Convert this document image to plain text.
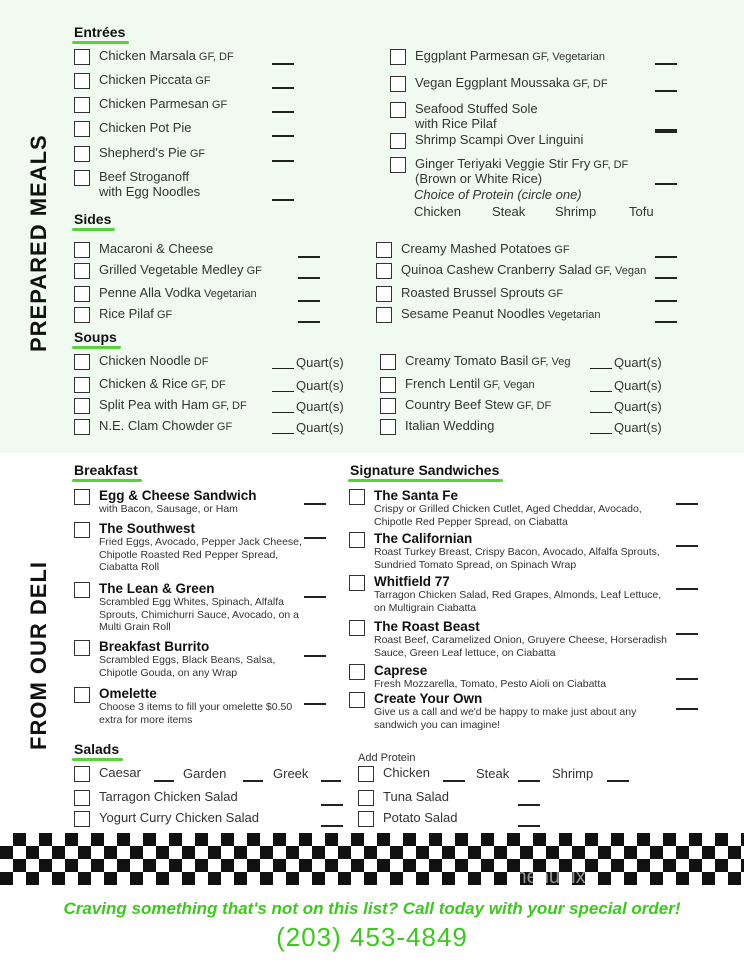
PREPARED MEALS
FROM OUR DELI
Entrées
Sides
Soups
Breakfast	Signature Sandwiches
Salads
Chicken Marsala GF, DF
Chicken Piccata GF
Chicken Parmesan GF
Chicken Pot Pie
Shepherd's Pie GF
Beef Stroganoff
with Egg Noodles
Eggplant Parmesan GF, Vegetarian
Vegan Eggplant Moussaka GF, DF
Seafood Stuffed Sole
with Rice Pilaf
Shrimp Scampi Over Linguini
Ginger Teriyaki Veggie Stir Fry GF, DF
(Brown or White Rice)
Macaroni & Cheese
Grilled Vegetable Medley GF
Penne Alla Vodka Vegetarian
Rice Pilaf GF
Creamy Mashed Potatoes GF
Quinoa Cashew Cranberry Salad GF, Vegan
Roasted Brussel Sprouts GF
Sesame Peanut Noodles Vegetarian
Chicken Noodle DF	Quart(s)
Chicken & Rice GF, DF	Quart(s)
Split Pea with Ham GF, DF	Quart(s)
N.E. Clam Chowder GF	Quart(s)
Creamy Tomato Basil GF, Veg	Quart(s)
French Lentil GF, Vegan	Quart(s)
Country Beef Stew GF, DF	Quart(s)
Italian Wedding	Quart(s)
Egg & Cheese Sandwich
with Bacon, Sausage, or Ham
The Southwest
Fried Eggs, Avocado, Pepper Jack Cheese, Chipotle Roasted Red Pepper Spread, Ciabatta Roll
The Lean & Green
Scrambled Egg Whites, Spinach, Alfalfa Sprouts, Chimichurri Sauce, Avocado, on a Multi Grain Roll
Breakfast Burrito
Scrambled Eggs, Black Beans, Salsa, Chipotle Gouda, on any Wrap
Omelette
Choose 3 items to fill your omelette $0.50 extra for more items
The Santa Fe
Crispy or Grilled Chicken Cutlet, Aged Cheddar, Avocado, Chipotle Red Pepper Spread, on Ciabatta
The Californian
Roast Turkey Breast, Crispy Bacon, Avocado, Alfalfa Sprouts, Sundried Tomato Spread, on Spinach Wrap
Whitfield 77
Tarragon Chicken Salad, Red Grapes, Almonds, Leaf Lettuce, on Multigrain Ciabatta
The Roast Beast
Roast Beef, Caramelized Onion, Gruyere Cheese, Horseradish Sauce, Green Leaf lettuce, on Ciabatta
Caprese
Fresh Mozzarella, Tomato, Pesto Aioli on Ciabatta
Create Your Own
Give us a call and we'd be happy to make just about any sandwich you can imagine!
Choice of Protein (circle one)
Chicken Steak Shrimp	Tofu
Caesar	Garden	Greek
Tarragon Chicken Salad
Yogurt Curry Chicken Salad
Add Protein
Chicken	Steak	Shrimp
Tuna Salad
Potato Salad
menupix
Craving something that's not on this list? Call today with your special order!
(203) 453-4849
